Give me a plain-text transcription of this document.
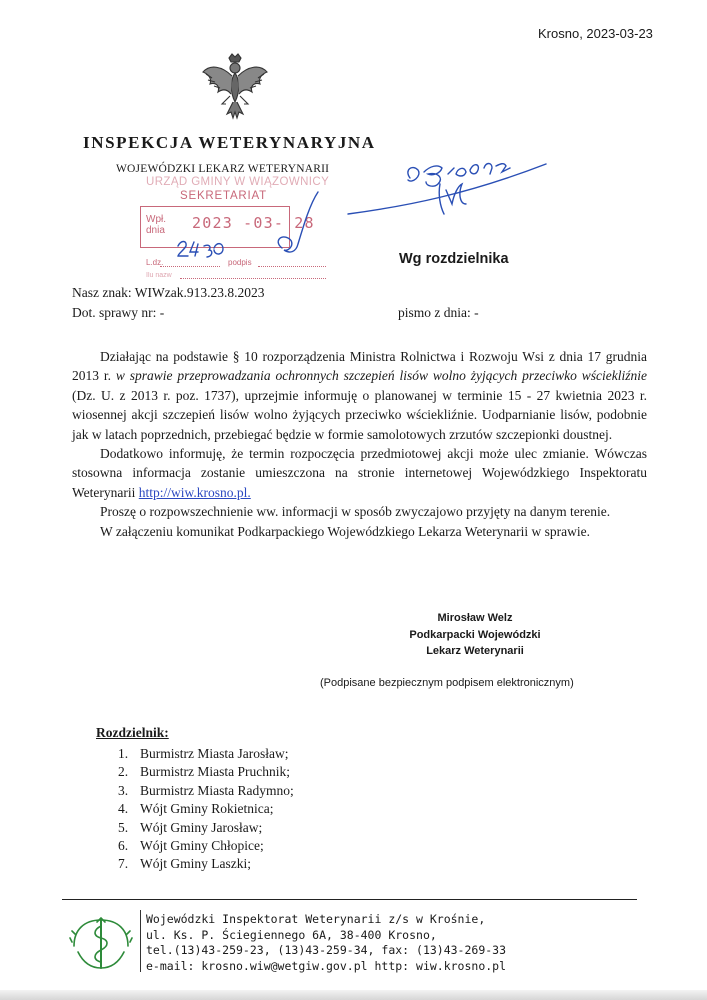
Krosno, 2023-03-23
INSPEKCJA WETERYNARYJNA
WOJEWÓDZKI LEKARZ WETERYNARII
URZĄD GMINY W WIĄZOWNICY
SEKRETARIAT
Wpł.
dnia 2023 -03- 28
L.dz.	podpis
Ilu nazw
Wg rozdzielnika
Nasz znak: WIWzak.913.23.8.2023
Dot. sprawy nr: -	pismo z dnia: -

Działając na podstawie § 10 rozporządzenia Ministra Rolnictwa i Rozwoju Wsi z dnia 17 grudnia 2013 r. w sprawie przeprowadzania ochronnych szczepień lisów wolno żyjących przeciwko wściekliźnie (Dz. U. z 2013 r. poz. 1737), uprzejmie informuję o planowanej w terminie 15 - 27 kwietnia 2023 r. wiosennej akcji szczepień lisów wolno żyjących przeciwko wściekliźnie. Uodparnianie lisów, podobnie jak w latach poprzednich, przebiegać będzie w formie samolotowych zrzutów szczepionki doustnej.

Dodatkowo informuję, że termin rozpoczęcia przedmiotowej akcji może ulec zmianie. Wówczas stosowna informacja zostanie umieszczona na stronie internetowej Wojewódzkiego Inspektoratu Weterynarii http://wiw.krosno.pl.

Proszę o rozpowszechnienie ww. informacji w sposób zwyczajowo przyjęty na danym terenie.

W załączeniu komunikat Podkarpackiego Wojewódzkiego Lekarza Weterynarii w sprawie.

Mirosław Welz
Podkarpacki Wojewódzki
Lekarz Weterynarii
(Podpisane bezpiecznym podpisem elektronicznym)
Rozdzielnik:
1. Burmistrz Miasta Jarosław;
2. Burmistrz Miasta Pruchnik;
3. Burmistrz Miasta Radymno;
4. Wójt Gminy Rokietnica;
5. Wójt Gminy Jarosław;
6. Wójt Gminy Chłopice;
7. Wójt Gminy Laszki;
Wojewódzki Inspektorat Weterynarii z/s w Krośnie,
ul. Ks. P. Ściegiennego 6A, 38-400 Krosno,
tel.(13)43-259-23, (13)43-259-34, fax: (13)43-269-33
e-mail: krosno.wiw@wetgiw.gov.pl http: wiw.krosno.pl
